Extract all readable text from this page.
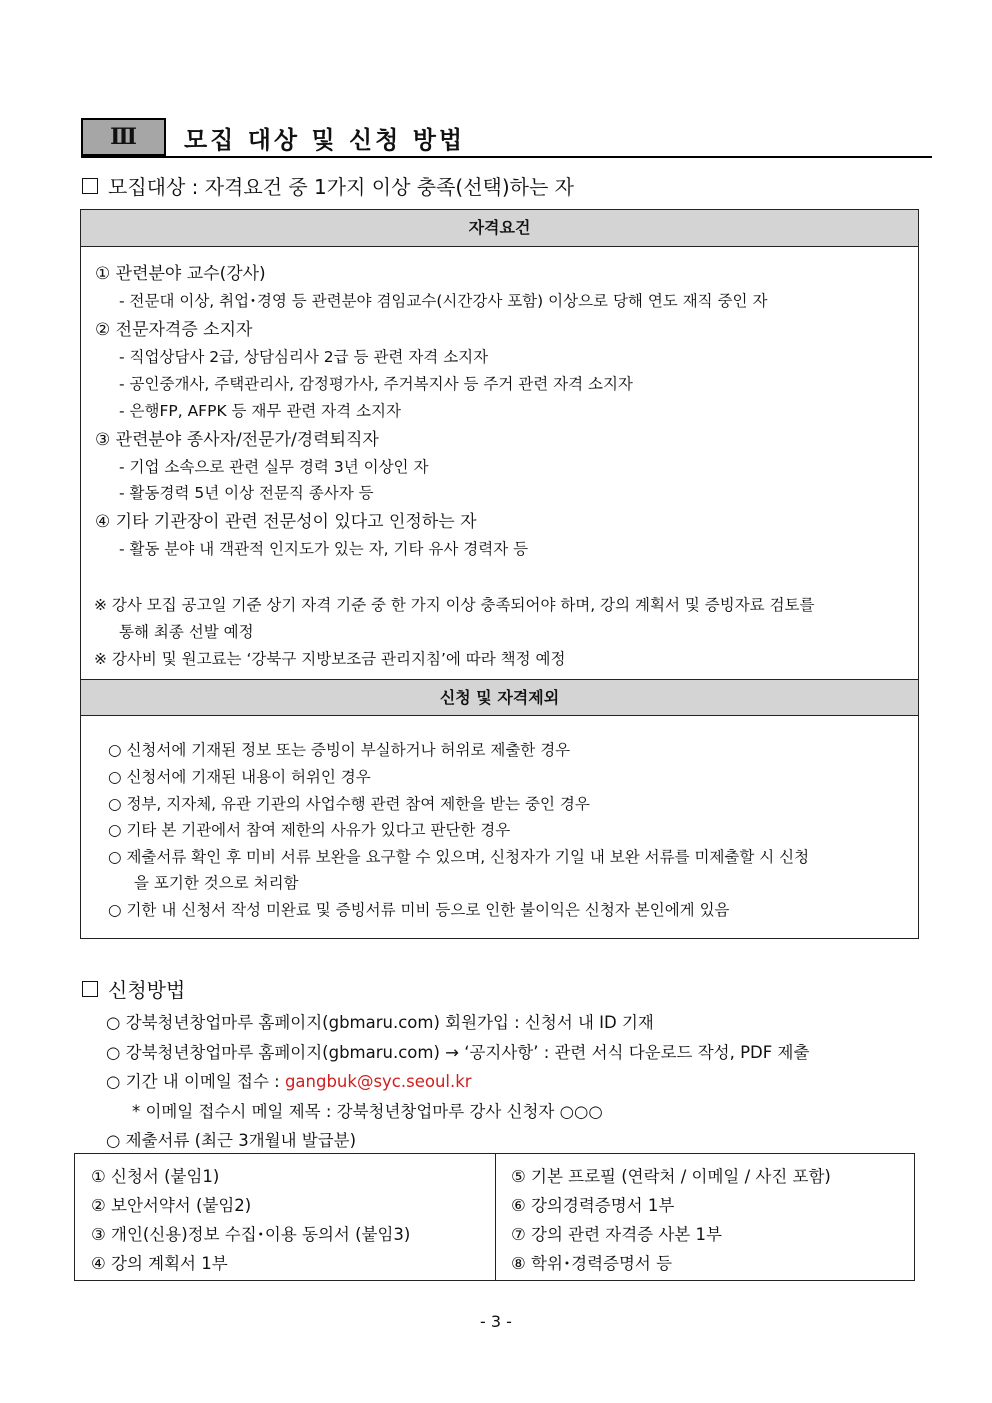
Ⅲ	모집 대상 및 신청 방법
모집대상 : 자격요건 중 1가지 이상 충족(선택)하는 자
자격요건
① 관련분야 교수(강사)
- 전문대 이상, 취업･경영 등 관련분야 겸임교수(시간강사 포함) 이상으로 당해 연도 재직 중인 자
② 전문자격증 소지자
- 직업상담사 2급, 상담심리사 2급 등 관련 자격 소지자
- 공인중개사, 주택관리사, 감정평가사, 주거복지사 등 주거 관련 자격 소지자
- 은행FP, AFPK 등 재무 관련 자격 소지자
③ 관련분야 종사자/전문가/경력퇴직자
- 기업 소속으로 관련 실무 경력 3년 이상인 자
- 활동경력 5년 이상 전문직 종사자 등
④ 기타 기관장이 관련 전문성이 있다고 인정하는 자
- 활동 분야 내 객관적 인지도가 있는 자, 기타 유사 경력자 등
※ 강사 모집 공고일 기준 상기 자격 기준 중 한 가지 이상 충족되어야 하며, 강의 계획서 및 증빙자료 검토를
통해 최종 선발 예정
※ 강사비 및 원고료는 ‘강북구 지방보조금 관리지침’에 따라 책정 예정
신청 및 자격제외
○ 신청서에 기재된 정보 또는 증빙이 부실하거나 허위로 제출한 경우
○ 신청서에 기재된 내용이 허위인 경우
○ 정부, 지자체, 유관 기관의 사업수행 관련 참여 제한을 받는 중인 경우
○ 기타 본 기관에서 참여 제한의 사유가 있다고 판단한 경우
○ 제출서류 확인 후 미비 서류 보완을 요구할 수 있으며, 신청자가 기일 내 보완 서류를 미제출할 시 신청
을 포기한 것으로 처리함
○ 기한 내 신청서 작성 미완료 및 증빙서류 미비 등으로 인한 불이익은 신청자 본인에게 있음
신청방법
○ 강북청년창업마루 홈페이지(gbmaru.com) 회원가입 : 신청서 내 ID 기재
○ 강북청년창업마루 홈페이지(gbmaru.com) → ‘공지사항’ : 관련 서식 다운로드 작성, PDF 제출
○ 기간 내 이메일 접수 : gangbuk@syc.seoul.kr
* 이메일 접수시 메일 제목 : 강북청년창업마루 강사 신청자 ○○○
○ 제출서류 (최근 3개월내 발급분)
① 신청서 (붙임1)
② 보안서약서 (붙임2)
③ 개인(신용)정보 수집･이용 동의서 (붙임3)
④ 강의 계획서 1부
⑤ 기본 프로필 (연락처 / 이메일 / 사진 포함)
⑥ 강의경력증명서 1부
⑦ 강의 관련 자격증 사본 1부
⑧ 학위･경력증명서 등
- 3 -
